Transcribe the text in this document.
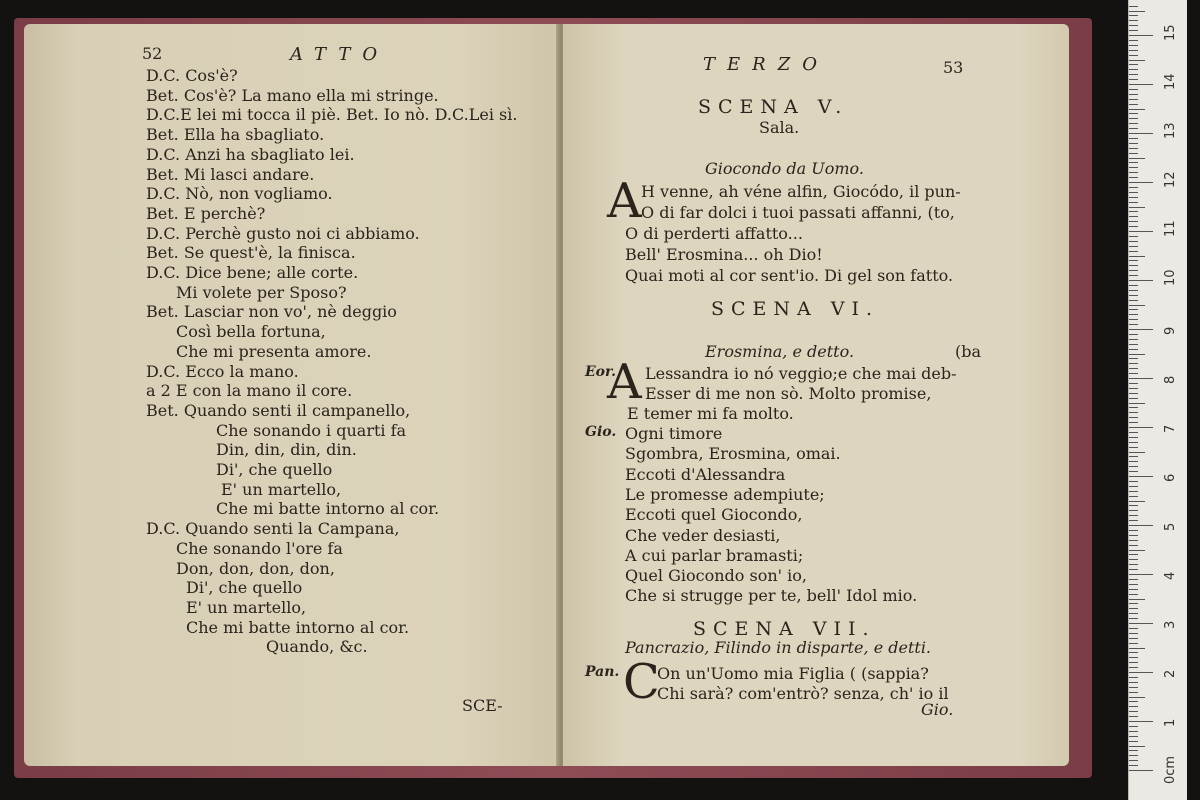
52	ATTO
D.C. Cos'è?
Bet. Cos'è? La mano ella mi stringe.
D.C.E lei mi tocca il piè. Bet. Io nò. D.C.Lei sì.
Bet. Ella ha sbagliato.
D.C. Anzi ha sbagliato lei.
Bet. Mi lasci andare.
D.C. Nò, non vogliamo.
Bet. E perchè?
D.C. Perchè gusto noi ci abbiamo.
Bet. Se quest'è, la finisca.
D.C. Dice bene; alle corte.
Mi volete per Sposo?
Bet. Lasciar non vo', nè deggio
Così bella fortuna,
Che mi presenta amore.
D.C. Ecco la mano.
a 2 E con la mano il core.
Bet. Quando senti il campanello,
Che sonando i quarti fa
Din, din, din, din.
Di', che quello
E' un martello,
Che mi batte intorno al cor.
D.C. Quando senti la Campana,
Che sonando l'ore fa
Don, don, don, don,
Di', che quello
E' un martello,
Che mi batte intorno al cor.
Quando, &c.
SCE-
TERZO	53
SCENA V.
Sala.
Giocondo da Uomo.
A H venne, ah véne alfin, Giocódo, il pun-
O di far dolci i tuoi passati affanni, (to,
O di perderti affatto...
Bell' Erosmina... oh Dio!
Quai moti al cor sent'io. Di gel son fatto.
SCENA VI.
Erosmina, e detto.	(ba
Eor.
A Lessandra io nó veggio;e che mai deb-
Esser di me non sò. Molto promise,
E temer mi fa molto.
Gio. Ogni timore
Sgombra, Erosmina, omai.
Eccoti d'Alessandra
Le promesse adempiute;
Eccoti quel Giocondo,
Che veder desiasti,
A cui parlar bramasti;
Quel Giocondo son' io,
Che si strugge per te, bell' Idol mio.
SCENA VII.
Pancrazio, Filindo in disparte, e detti.
Pan. C
On un'Uomo mia Figlia ( (sappia?
Chi sarà? com'entrò? senza, ch' io il
Gio.
0cm
1
2
3
4
5
6
7
8
9
10
11
12
13
14
15
